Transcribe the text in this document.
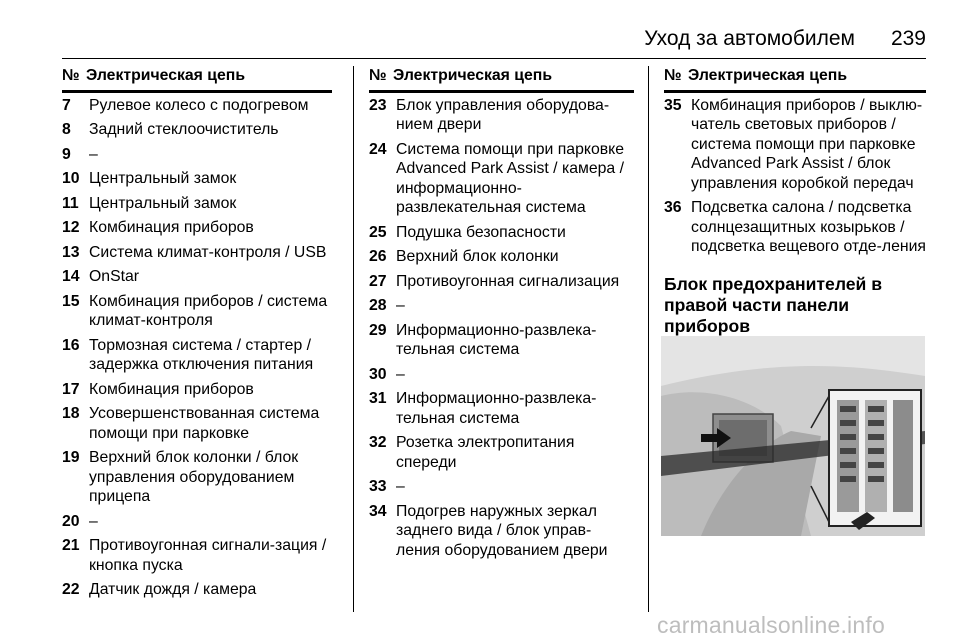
Уход за автомобилем	239
№ Электрическая цепь
7	Рулевое колесо с подогревом
8	Задний стеклоочиститель
9	–
10 Центральный замок
11 Центральный замок
12 Комбинация приборов
13 Система климат-контроля / USB
14 OnStar
15 Комбинация приборов / система климат-контроля
16 Тормозная система / стартер / задержка отключения питания
17 Комбинация приборов
18 Усовершенствованная система помощи при парковке
19 Верхний блок колонки / блок управления оборудованием прицепа
20 –
21 Противоугонная сигнали-зация / кнопка пуска
22 Датчик дождя / камера
№ Электрическая цепь
23 Блок управления оборудова-нием двери
24 Система помощи при парковке Advanced Park Assist / камера / информационно-развлекательная система
25 Подушка безопасности
26 Верхний блок колонки
27 Противоугонная сигнализация
28 –
29 Информационно-развлека-тельная система
30 –
31 Информационно-развлека-тельная система
32 Розетка электропитания спереди
33 –
34 Подогрев наружных зеркал заднего вида / блок управ-ления оборудованием двери
№ Электрическая цепь
35 Комбинация приборов / выклю-чатель световых приборов / система помощи при парковке Advanced Park Assist / блок управления коробкой передач
36 Подсветка салона / подсветка солнцезащитных козырьков / подсветка вещевого отде-ления
Блок предохранителей в правой части панели приборов
carmanualsonline.info
